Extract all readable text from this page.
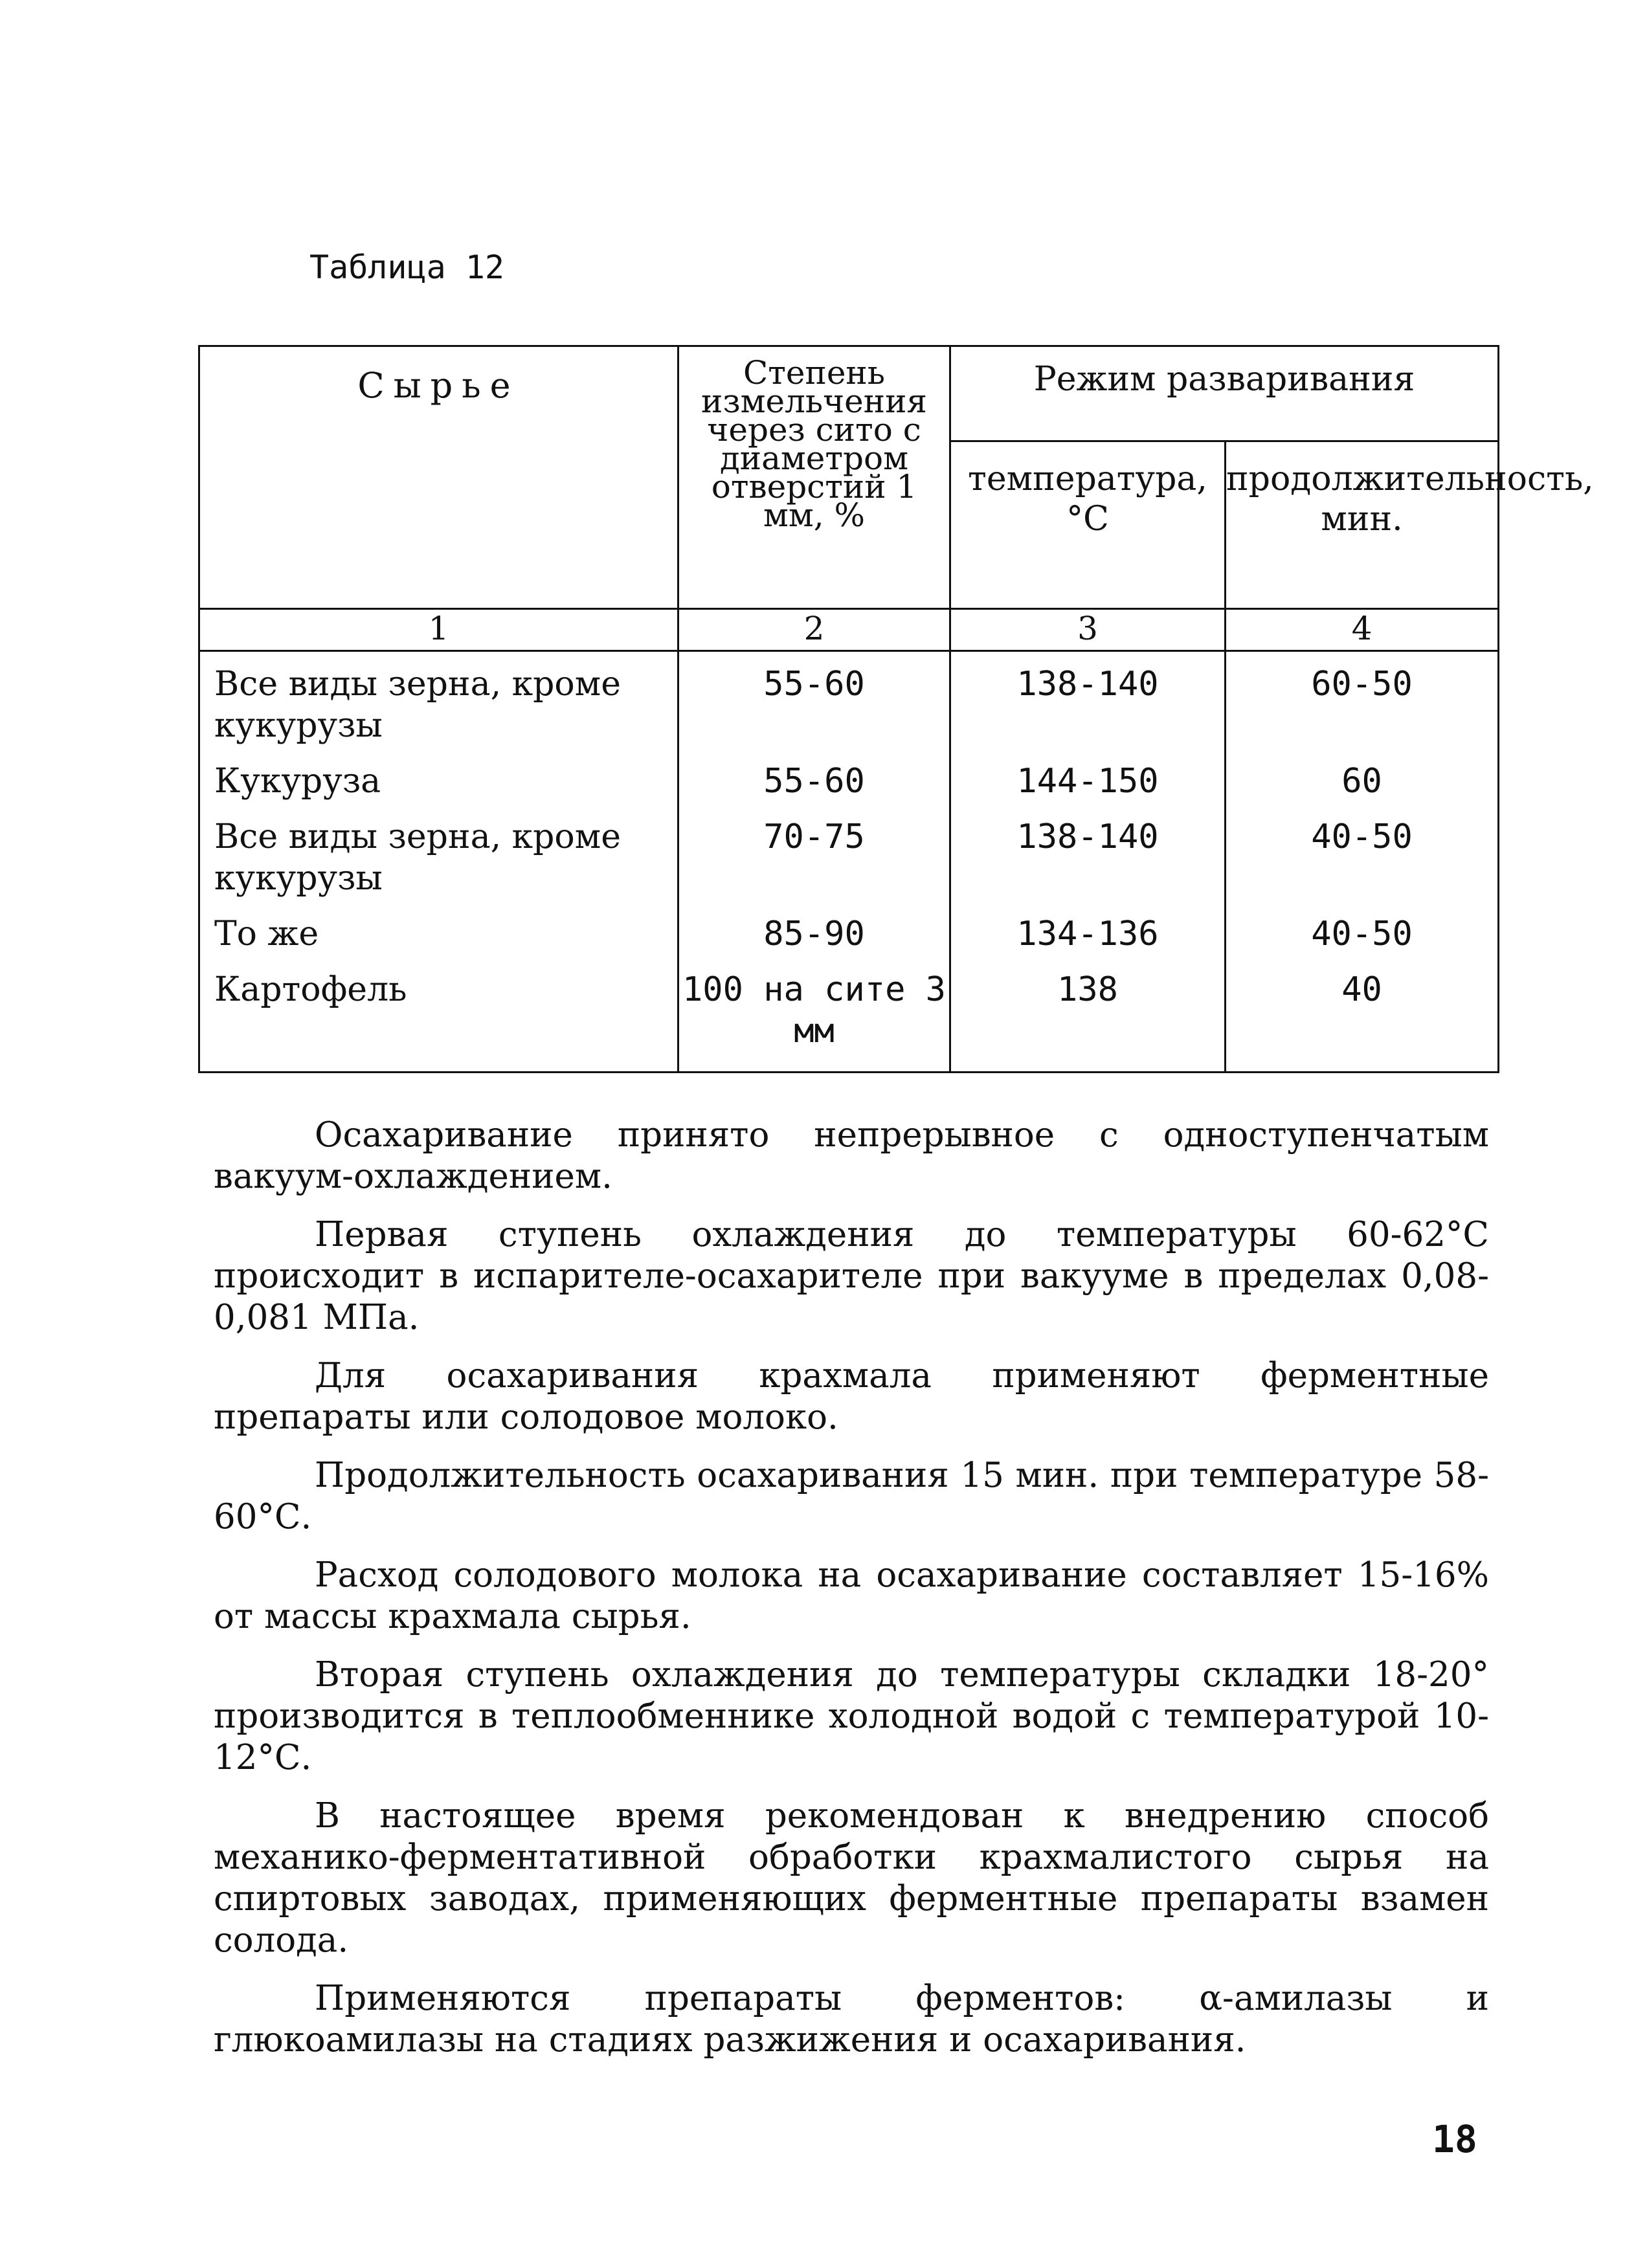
Таблица 12
Сырье	Степень измельчения через сито с диаметром отверстий 1 мм, %	Режим разваривания	
		температура, °С	продолжительность, мин.
1	2	3	4
Все виды зерна, кроме кукурузы	55-60	138-140	60-50
Кукуруза	55-60	144-150	60
Все виды зерна, кроме кукурузы	70-75	138-140	40-50
То же	85-90	134-136	40-50
Картофель	100 на сите 3 мм	138	40

Осахаривание принято непрерывное с одноступенчатым вакуум-охлаждением.

Первая ступень охлаждения до температуры 60-62°С происходит в испарителе-осахарителе при вакууме в пределах 0,08-0,081 МПа.

Для осахаривания крахмала применяют ферментные препараты или солодовое молоко.

Продолжительность осахаривания 15 мин. при температуре 58-60°С.

Расход солодового молока на осахаривание составляет 15-16% от массы крахмала сырья.

Вторая ступень охлаждения до температуры складки 18-20° производится в теплообменнике холодной водой с температурой 10-12°С.

В настоящее время рекомендован к внедрению способ механико-ферментативной обработки крахмалистого сырья на спиртовых заводах, применяющих ферментные препараты взамен солода.

Применяются препараты ферментов: α-амилазы и глюкоамилазы на стадиях разжижения и осахаривания.

18
